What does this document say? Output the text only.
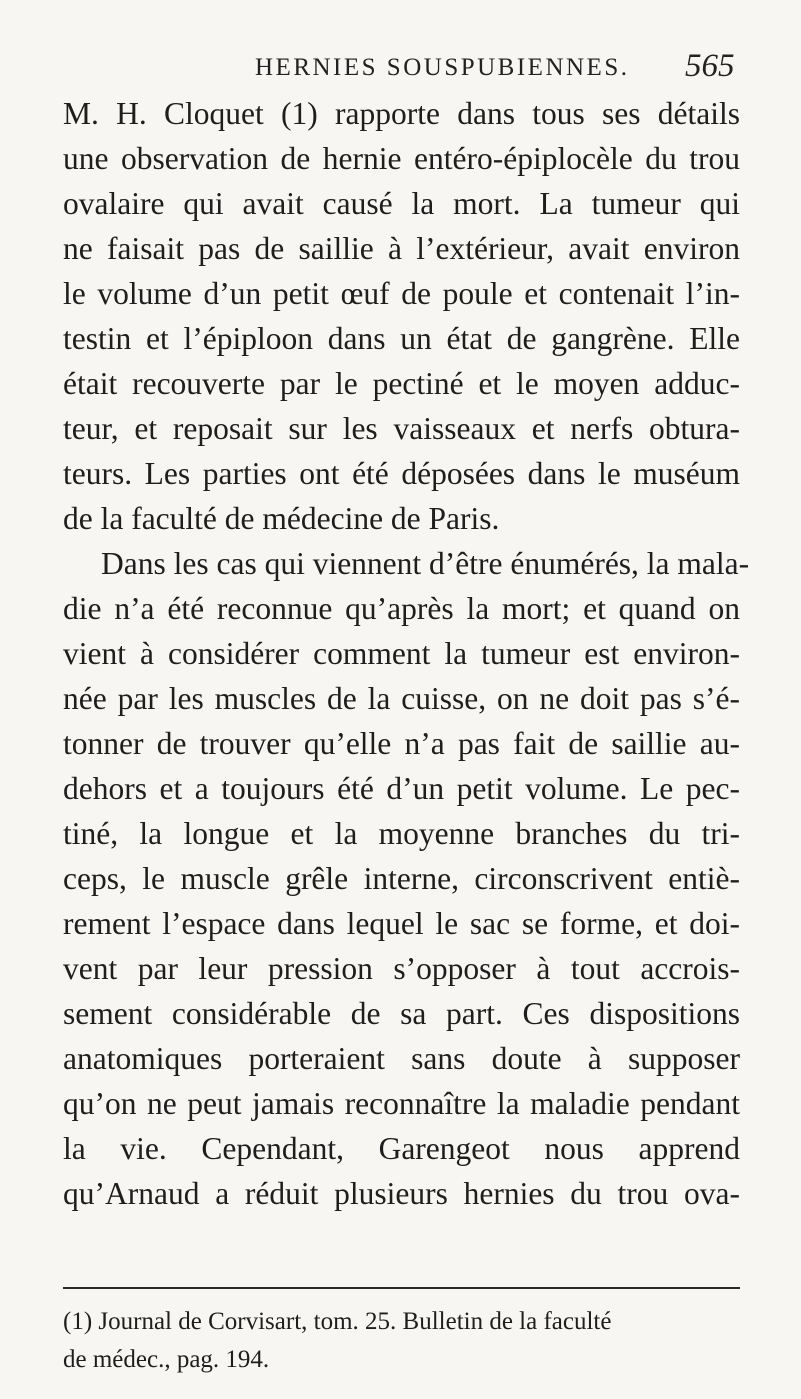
HERNIES SOUSPUBIENNES. 565
M. H. Cloquet (1) rapporte dans tous ses détails
une observation de hernie entéro-épiplocèle du trou
ovalaire qui avait causé la mort. La tumeur qui
ne faisait pas de saillie à l’extérieur, avait environ
le volume d’un petit œuf de poule et contenait l’in-
testin et l’épiploon dans un état de gangrène. Elle
était recouverte par le pectiné et le moyen adduc-
teur, et reposait sur les vaisseaux et nerfs obtura-
teurs. Les parties ont été déposées dans le muséum
de la faculté de médecine de Paris.
Dans les cas qui viennent d’être énumérés, la mala-
die n’a été reconnue qu’après la mort; et quand on
vient à considérer comment la tumeur est environ-
née par les muscles de la cuisse, on ne doit pas s’é-
tonner de trouver qu’elle n’a pas fait de saillie au-
dehors et a toujours été d’un petit volume. Le pec-
tiné, la longue et la moyenne branches du tri-
ceps, le muscle grêle interne, circonscrivent entiè-
rement l’espace dans lequel le sac se forme, et doi-
vent par leur pression s’opposer à tout accrois-
sement considérable de sa part. Ces dispositions
anatomiques porteraient sans doute à supposer
qu’on ne peut jamais reconnaître la maladie pendant
la vie. Cependant, Garengeot nous apprend
qu’Arnaud a réduit plusieurs hernies du trou ova-
(1) Journal de Corvisart, tom. 25. Bulletin de la faculté
de médec., pag. 194.
